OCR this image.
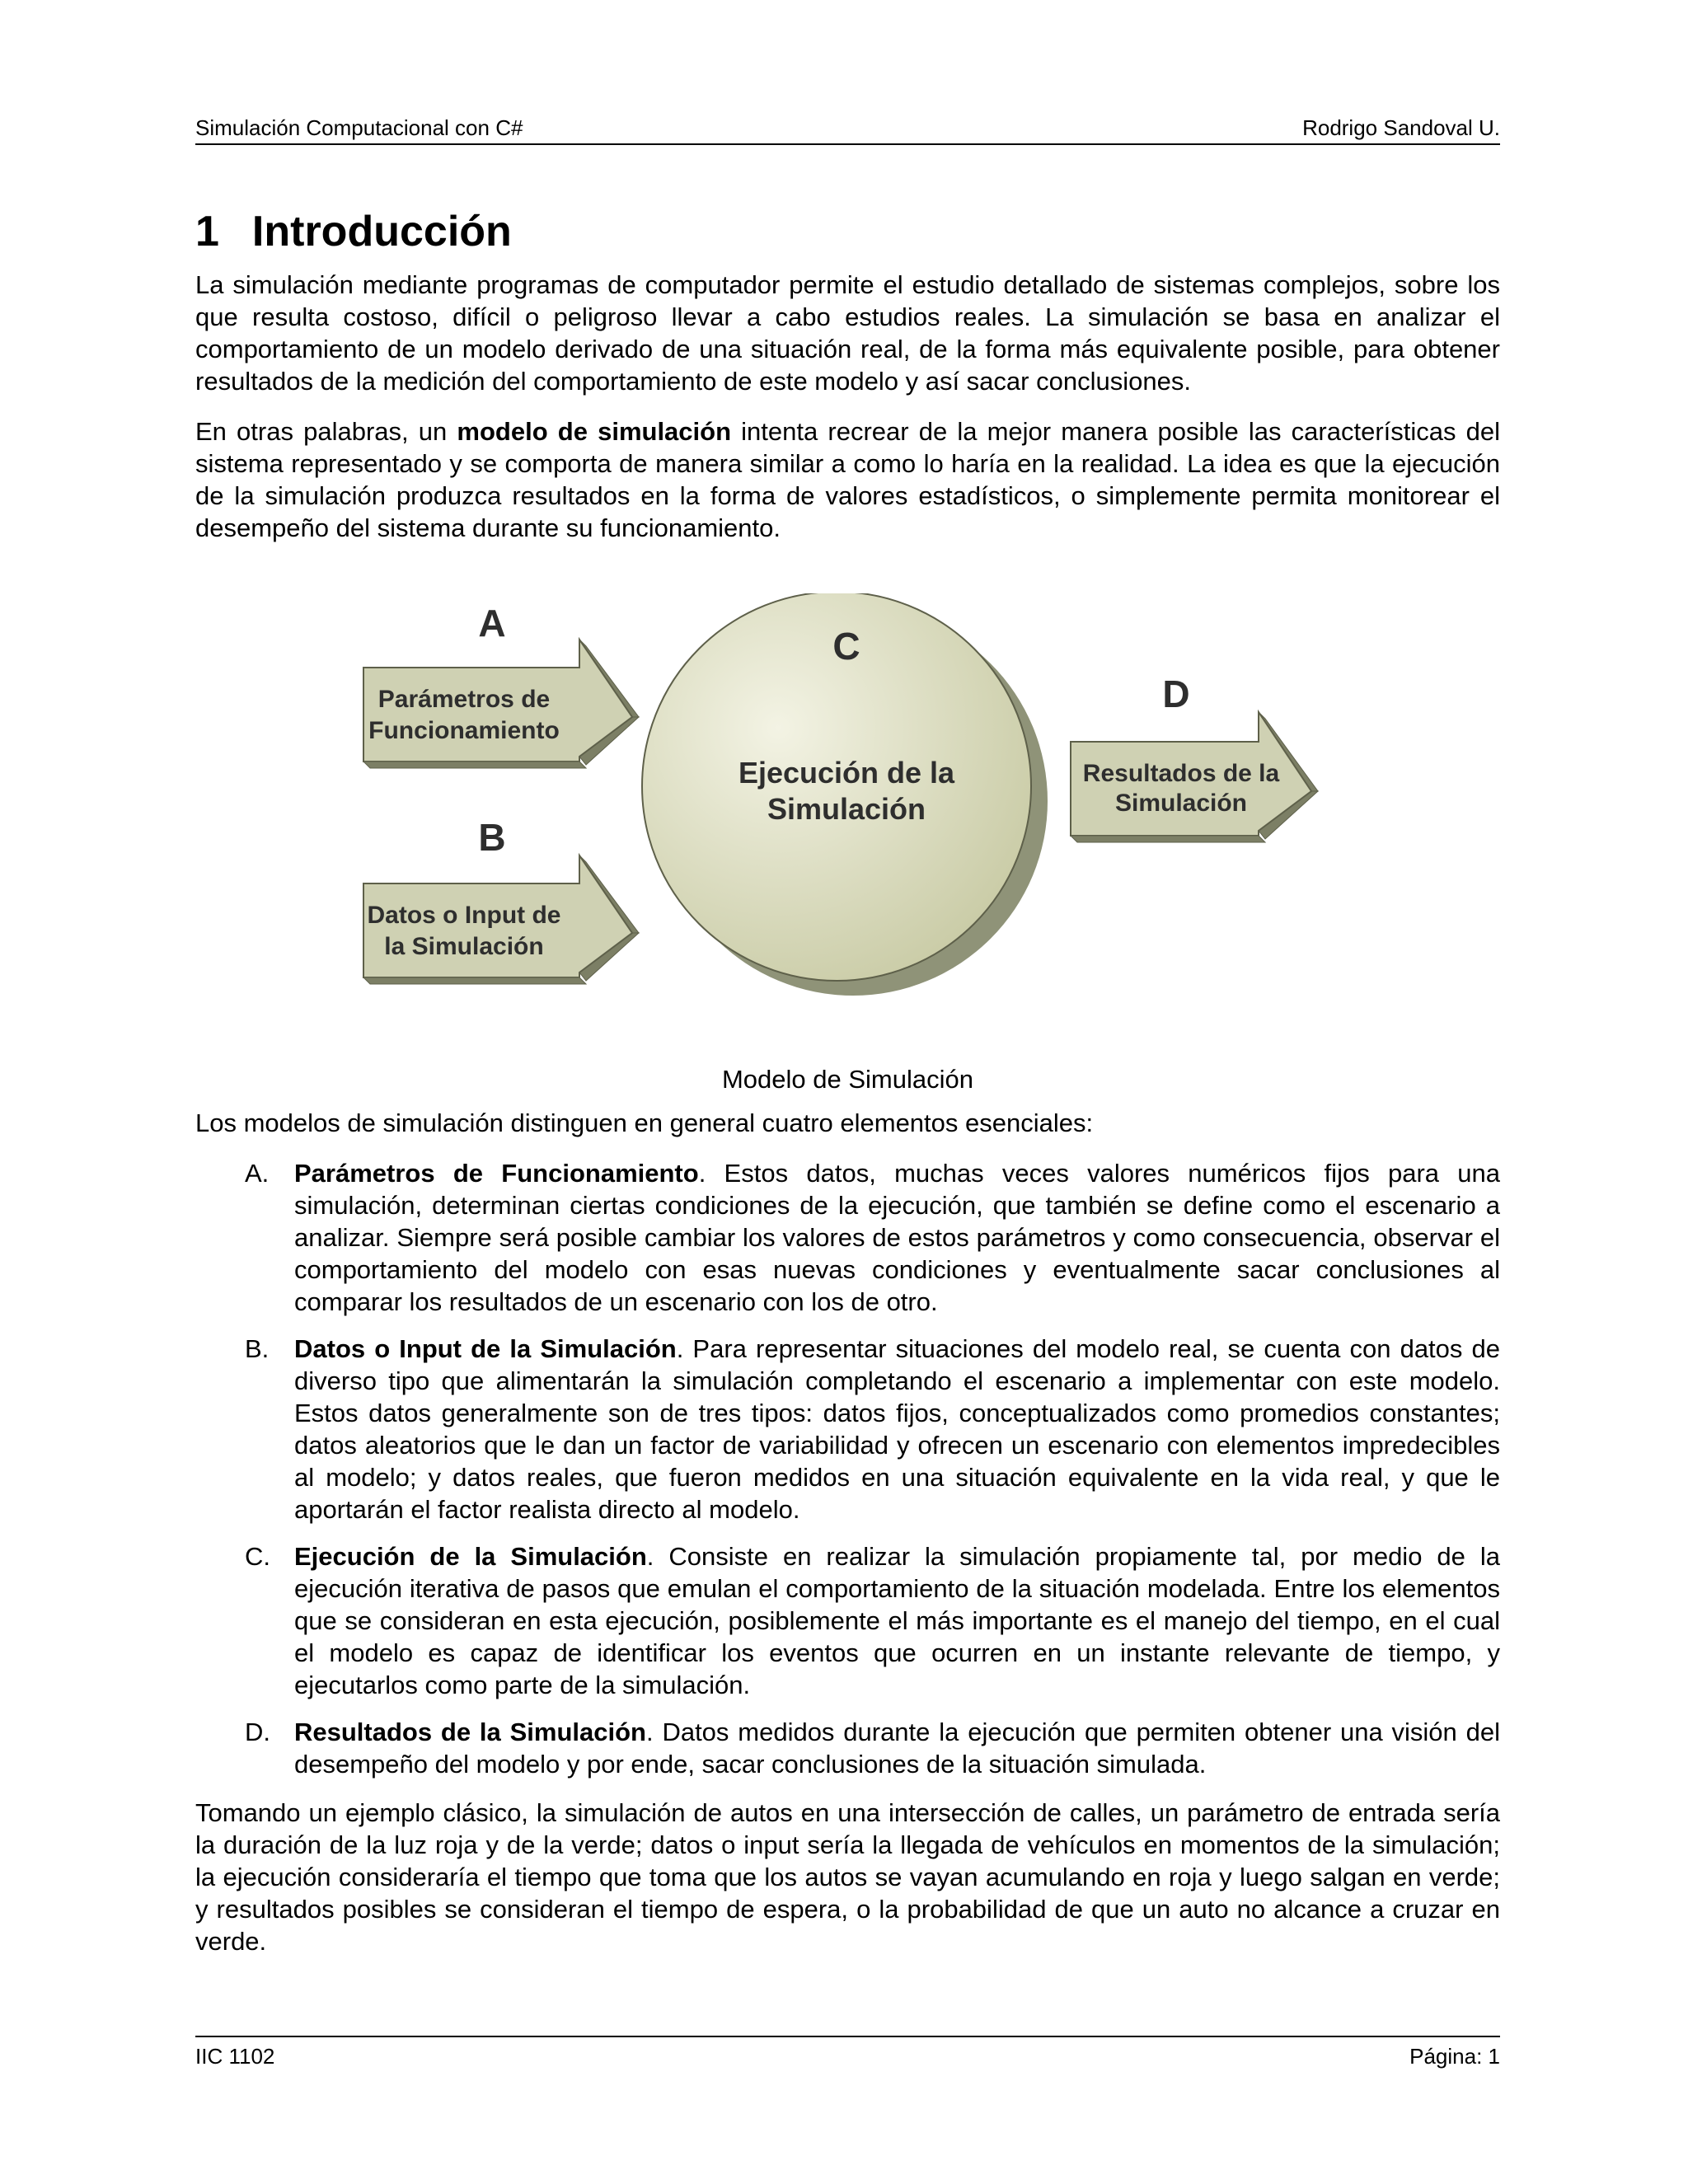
Simulación Computacional con C#	Rodrigo Sandoval U.
1 Introducción

La simulación mediante programas de computador permite el estudio detallado de sistemas complejos, sobre los que resulta costoso, difícil o peligroso llevar a cabo estudios reales. La simulación se basa en analizar el comportamiento de un modelo derivado de una situación real, de la forma más equivalente posible, para obtener resultados de la medición del comportamiento de este modelo y así sacar conclusiones.

En otras palabras, un modelo de simulación intenta recrear de la mejor manera posible las características del sistema representado y se comporta de manera similar a como lo haría en la realidad. La idea es que la ejecución de la simulación produzca resultados en la forma de valores estadísticos, o simplemente permita monitorear el desempeño del sistema durante su funcionamiento.

A
Parámetros de
Funcionamiento
B
Datos o Input de
la Simulación
C
Ejecución de la
Simulación
D
Resultados de la
Simulación
Modelo de Simulación

Los modelos de simulación distinguen en general cuatro elementos esenciales:

A. Parámetros de Funcionamiento. Estos datos, muchas veces valores numéricos fijos para una simulación, determinan ciertas condiciones de la ejecución, que también se define como el escenario a analizar. Siempre será posible cambiar los valores de estos parámetros y como consecuencia, observar el comportamiento del modelo con esas nuevas condiciones y eventualmente sacar conclusiones al comparar los resultados de un escenario con los de otro.

B. Datos o Input de la Simulación. Para representar situaciones del modelo real, se cuenta con datos de diverso tipo que alimentarán la simulación completando el escenario a implementar con este modelo. Estos datos generalmente son de tres tipos: datos fijos, conceptualizados como promedios constantes; datos aleatorios que le dan un factor de variabilidad y ofrecen un escenario con elementos impredecibles al modelo; y datos reales, que fueron medidos en una situación equivalente en la vida real, y que le aportarán el factor realista directo al modelo.

C. Ejecución de la Simulación. Consiste en realizar la simulación propiamente tal, por medio de la ejecución iterativa de pasos que emulan el comportamiento de la situación modelada. Entre los elementos que se consideran en esta ejecución, posiblemente el más importante es el manejo del tiempo, en el cual el modelo es capaz de identificar los eventos que ocurren en un instante relevante de tiempo, y ejecutarlos como parte de la simulación.

D. Resultados de la Simulación. Datos medidos durante la ejecución que permiten obtener una visión del desempeño del modelo y por ende, sacar conclusiones de la situación simulada.

Tomando un ejemplo clásico, la simulación de autos en una intersección de calles, un parámetro de entrada sería la duración de la luz roja y de la verde; datos o input sería la llegada de vehículos en momentos de la simulación; la ejecución consideraría el tiempo que toma que los autos se vayan acumulando en roja y luego salgan en verde; y resultados posibles se consideran el tiempo de espera, o la probabilidad de que un auto no alcance a cruzar en verde.

IIC 1102	Página: 1
